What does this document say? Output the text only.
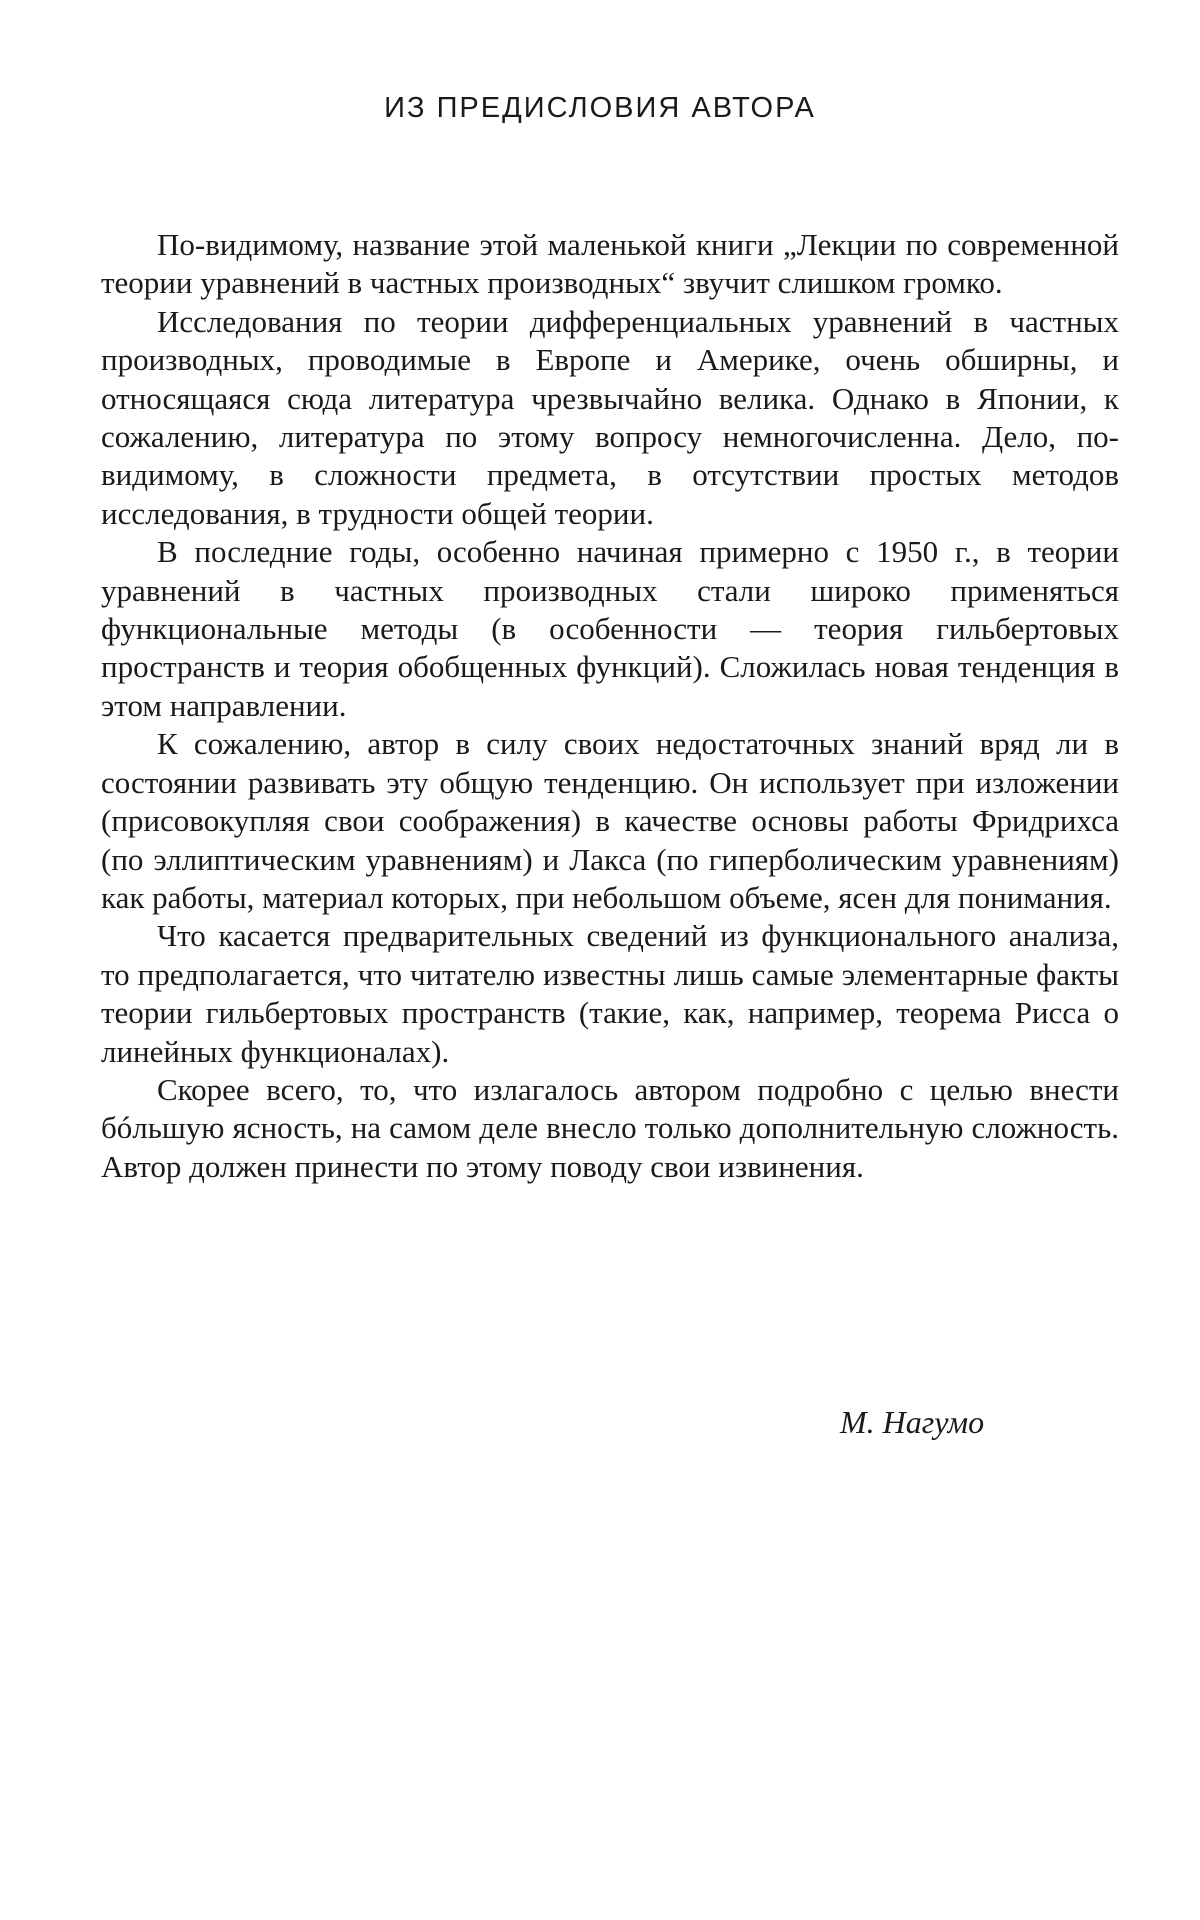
ИЗ ПРЕДИСЛОВИЯ АВТОРА

По-видимому, название этой маленькой книги „Лекции по современной теории уравнений в частных производных“ звучит слишком громко.

Исследования по теории дифференциальных уравнений в частных производных, проводимые в Европе и Америке, очень обширны, и относящаяся сюда литература чрезвычайно велика. Однако в Японии, к сожалению, литература по этому вопросу немногочисленна. Дело, по-видимому, в сложности предмета, в отсутствии простых методов исследования, в трудности общей теории.

В последние годы, особенно начиная примерно с 1950 г., в теории уравнений в частных производных стали широко применяться функциональные методы (в особенности — теория гильбертовых пространств и теория обобщенных функций). Сложилась новая тенденция в этом направлении.

К сожалению, автор в силу своих недостаточных знаний вряд ли в состоянии развивать эту общую тенденцию. Он использует при изложении (присовокупляя свои соображения) в качестве основы работы Фридрихса (по эллиптическим уравнениям) и Лакса (по гиперболическим уравнениям) как работы, материал которых, при небольшом объеме, ясен для понимания.

Что касается предварительных сведений из функционального анализа, то предполагается, что читателю известны лишь самые элементарные факты теории гильбертовых пространств (такие, как, например, теорема Рисса о линейных функционалах).

Скорее всего, то, что излагалось автором подробно с целью внести бóльшую ясность, на самом деле внесло только дополнительную сложность. Автор должен принести по этому поводу свои извинения.

М. Нагумо
